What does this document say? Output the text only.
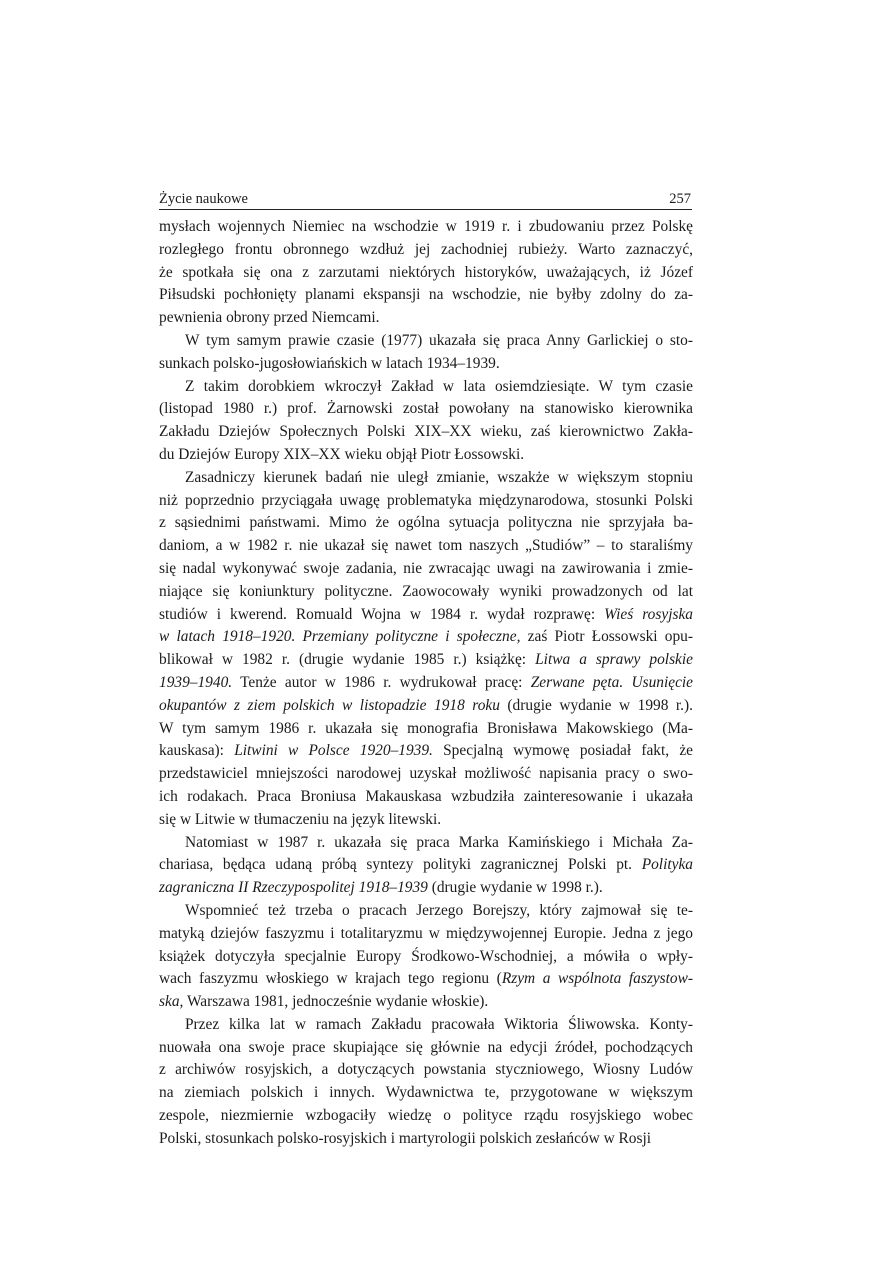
Życie naukowe	257
mysłach wojennych Niemiec na wschodzie w 1919 r. i zbudowaniu przez Polskę
rozległego frontu obronnego wzdłuż jej zachodniej rubieży. Warto zaznaczyć,
że spotkała się ona z zarzutami niektórych historyków, uważających, iż Józef
Piłsudski pochłonięty planami ekspansji na wschodzie, nie byłby zdolny do za-
pewnienia obrony przed Niemcami.
W tym samym prawie czasie (1977) ukazała się praca Anny Garlickiej o sto-
sunkach polsko-jugosłowiańskich w latach 1934–1939.
Z takim dorobkiem wkroczył Zakład w lata osiemdziesiąte. W tym czasie
(listopad 1980 r.) prof. Żarnowski został powołany na stanowisko kierownika
Zakładu Dziejów Społecznych Polski XIX–XX wieku, zaś kierownictwo Zakła-
du Dziejów Europy XIX–XX wieku objął Piotr Łossowski.
Zasadniczy kierunek badań nie uległ zmianie, wszakże w większym stopniu
niż poprzednio przyciągała uwagę problematyka międzynarodowa, stosunki Polski
z sąsiednimi państwami. Mimo że ogólna sytuacja polityczna nie sprzyjała ba-
daniom, a w 1982 r. nie ukazał się nawet tom naszych „Studiów” – to staraliśmy
się nadal wykonywać swoje zadania, nie zwracając uwagi na zawirowania i zmie-
niające się koniunktury polityczne. Zaowocowały wyniki prowadzonych od lat
studiów i kwerend. Romuald Wojna w 1984 r. wydał rozprawę: Wieś rosyjska
w latach 1918–1920. Przemiany polityczne i społeczne, zaś Piotr Łossowski opu-
blikował w 1982 r. (drugie wydanie 1985 r.) książkę: Litwa a sprawy polskie
1939–1940. Tenże autor w 1986 r. wydrukował pracę: Zerwane pęta. Usunięcie
okupantów z ziem polskich w listopadzie 1918 roku (drugie wydanie w 1998 r.).
W tym samym 1986 r. ukazała się monografia Bronisława Makowskiego (Ma-
kauskasa): Litwini w Polsce 1920–1939. Specjalną wymowę posiadał fakt, że
przedstawiciel mniejszości narodowej uzyskał możliwość napisania pracy o swo-
ich rodakach. Praca Broniusa Makauskasa wzbudziła zainteresowanie i ukazała
się w Litwie w tłumaczeniu na język litewski.
Natomiast w 1987 r. ukazała się praca Marka Kamińskiego i Michała Za-
chariasa, będąca udaną próbą syntezy polityki zagranicznej Polski pt. Polityka
zagraniczna II Rzeczypospolitej 1918–1939 (drugie wydanie w 1998 r.).
Wspomnieć też trzeba o pracach Jerzego Borejszy, który zajmował się te-
matyką dziejów faszyzmu i totalitaryzmu w międzywojennej Europie. Jedna z jego
książek dotyczyła specjalnie Europy Środkowo-Wschodniej, a mówiła o wpły-
wach faszyzmu włoskiego w krajach tego regionu (Rzym a wspólnota faszystow-
ska, Warszawa 1981, jednocześnie wydanie włoskie).
Przez kilka lat w ramach Zakładu pracowała Wiktoria Śliwowska. Konty-
nuowała ona swoje prace skupiające się głównie na edycji źródeł, pochodzących
z archiwów rosyjskich, a dotyczących powstania styczniowego, Wiosny Ludów
na ziemiach polskich i innych. Wydawnictwa te, przygotowane w większym
zespole, niezmiernie wzbogaciły wiedzę o polityce rządu rosyjskiego wobec
Polski, stosunkach polsko-rosyjskich i martyrologii polskich zesłańców w Rosji
